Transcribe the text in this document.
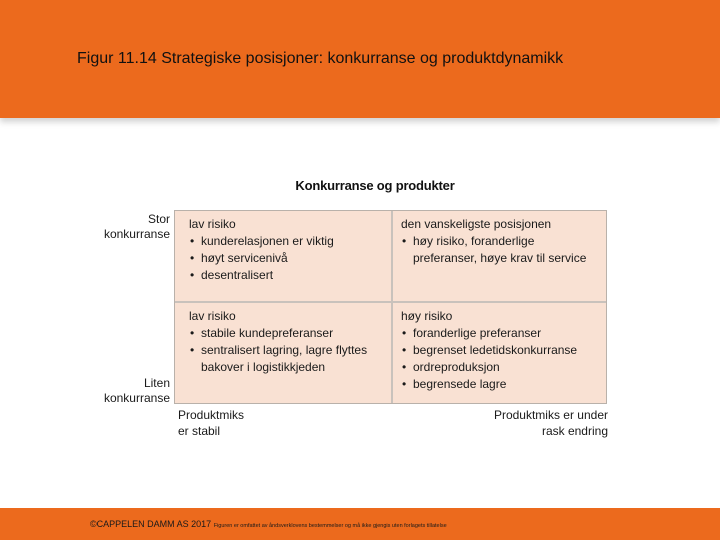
Figur 11.14 Strategiske posisjoner: konkurranse og produktdynamikk
Konkurranse og produkter
Stor
konkurranse
Liten
konkurranse
lav risiko
• kunderelasjonen er viktig
• høyt servicenivå
• desentralisert
den vanskeligste posisjonen
• høy risiko, foranderlige preferanser, høye krav til service
lav risiko
• stabile kundepreferanser
• sentralisert lagring, lagre flyttes bakover i logistikkjeden
høy risiko
• foranderlige preferanser
• begrenset ledetidskonkurranse
• ordreproduksjon
• begrensede lagre
Produktmiks
er stabil
Produktmiks er under
rask endring
©CAPPELEN DAMM AS 2017 Figuren er omfattet av åndsverklovens bestemmelser og må ikke gjengis uten forlagets tillatelse
